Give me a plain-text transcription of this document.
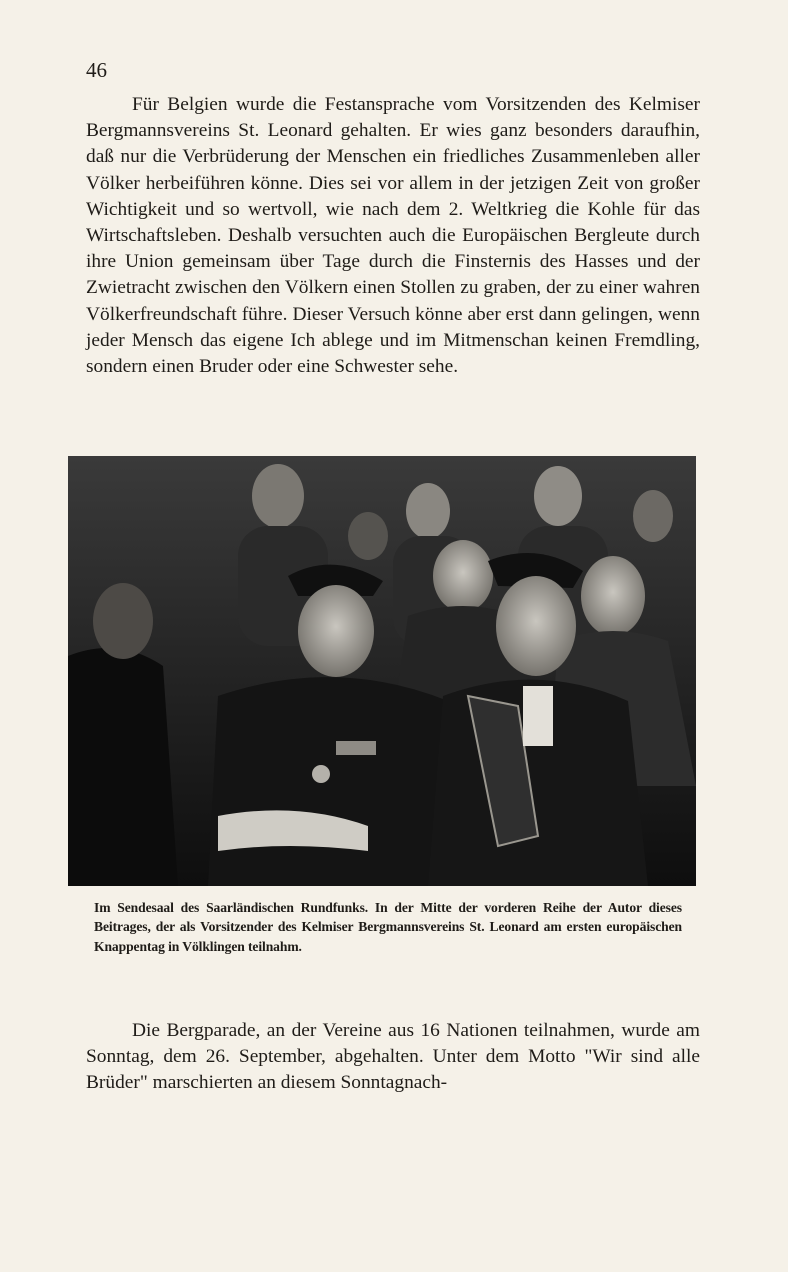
46

Für Belgien wurde die Festansprache vom Vorsitzenden des Kelmiser Bergmannsvereins St. Leonard gehalten. Er wies ganz besonders daraufhin, daß nur die Verbrüderung der Menschen ein friedliches Zusammenleben aller Völker herbeiführen könne. Dies sei vor allem in der jetzigen Zeit von großer Wichtigkeit und so wertvoll, wie nach dem 2. Weltkrieg die Kohle für das Wirtschaftsleben. Deshalb versuchten auch die Europäischen Bergleute durch ihre Union gemeinsam über Tage durch die Finsternis des Hasses und der Zwietracht zwischen den Völkern einen Stollen zu graben, der zu einer wahren Völkerfreundschaft führe. Dieser Versuch könne aber erst dann gelingen, wenn jeder Mensch das eigene Ich ablege und im Mitmenschan keinen Fremdling, sondern einen Bruder oder eine Schwester sehe.

Im Sendesaal des Saarländischen Rundfunks. In der Mitte der vorderen Reihe der Autor dieses Beitrages, der als Vorsitzender des Kelmiser Bergmannsvereins St. Leonard am ersten europäischen Knappentag in Völklingen teilnahm.

Die Bergparade, an der Vereine aus 16 Nationen teilnahmen, wurde am Sonntag, dem 26. September, abgehalten. Unter dem Motto "Wir sind alle Brüder" marschierten an diesem Sonntagnach-
